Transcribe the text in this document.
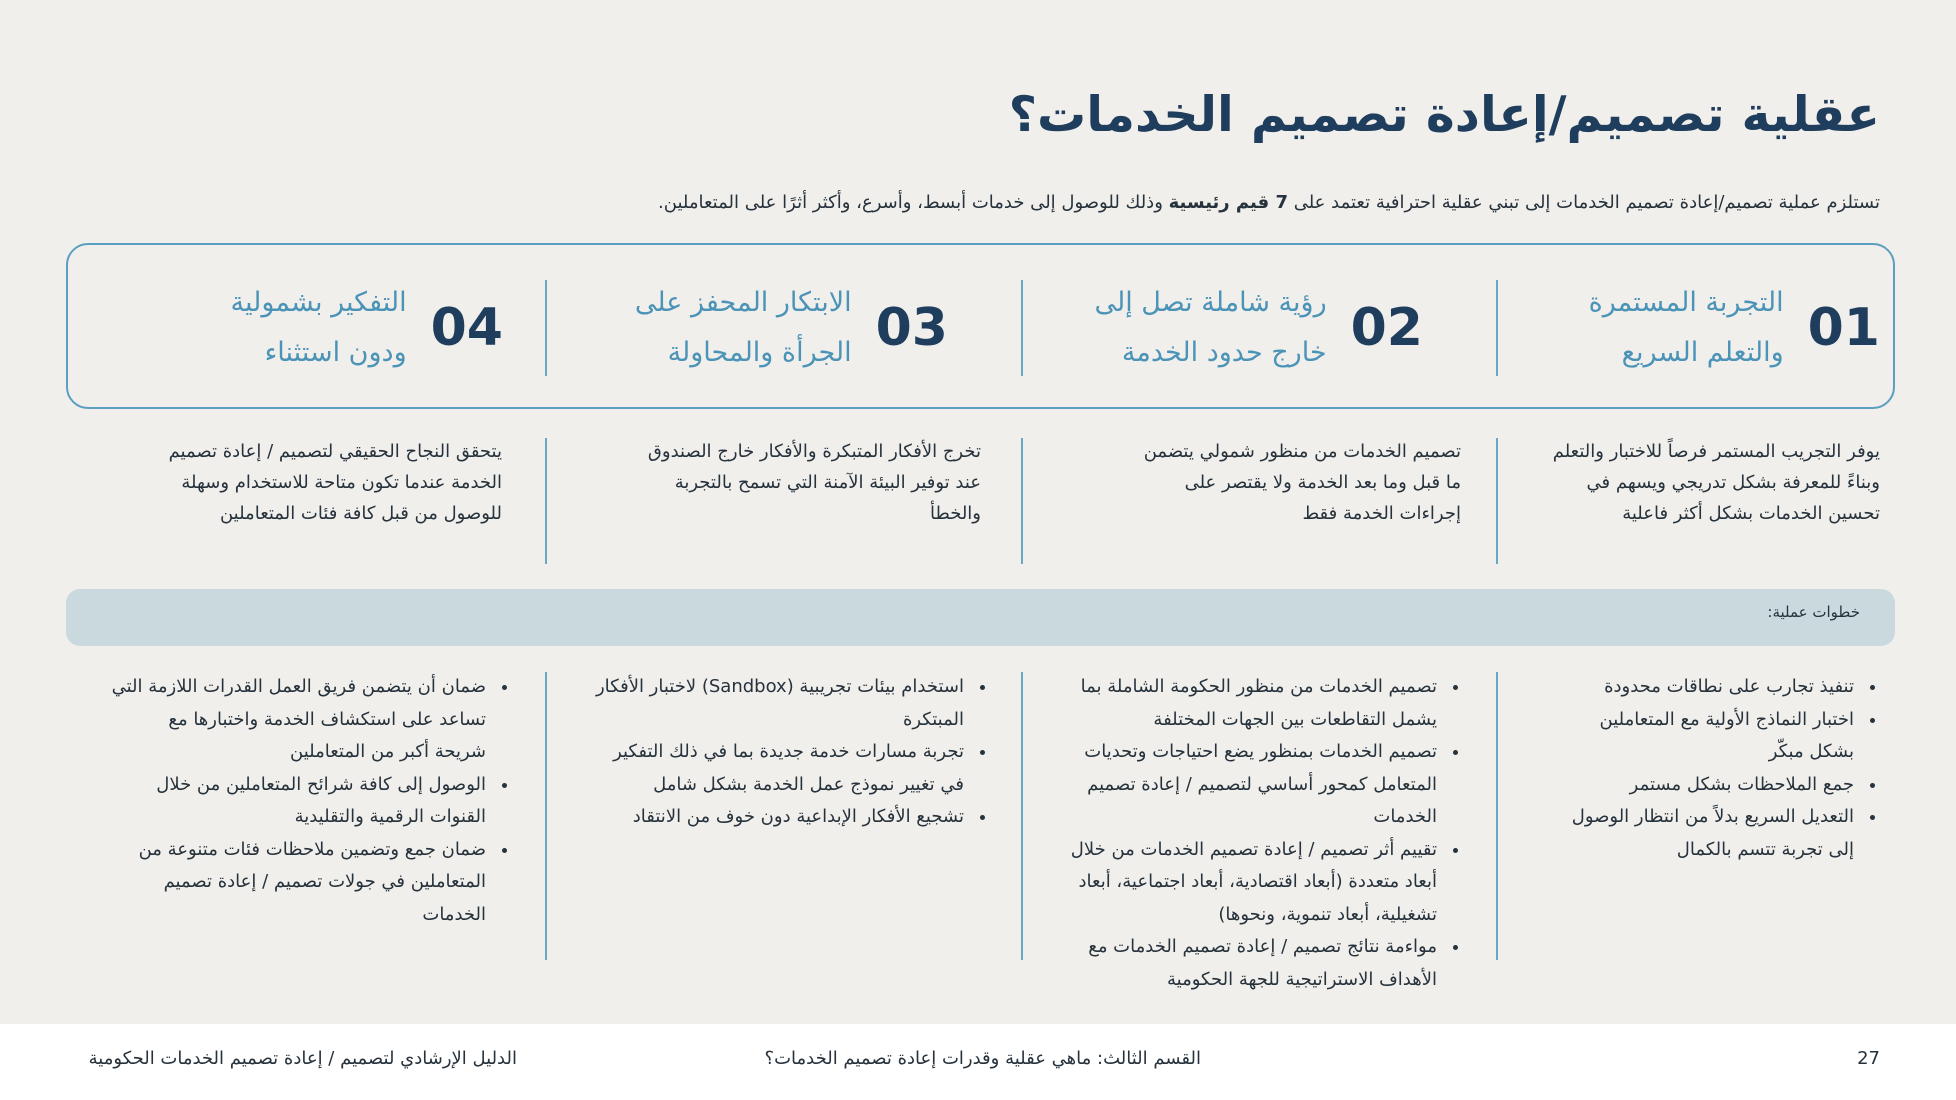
عقلية تصميم/إعادة تصميم الخدمات؟
تستلزم عملية تصميم/إعادة تصميم الخدمات إلى تبني عقلية احترافية تعتمد على 7 قيم رئيسية وذلك للوصول إلى خدمات أبسط، وأسرع، وأكثر أثرًا على المتعاملين.
01
التجربة المستمرة
والتعلم السريع
02
رؤية شاملة تصل إلى
خارج حدود الخدمة
03
الابتكار المحفز على
الجرأة والمحاولة
04
التفكير بشمولية
ودون استثناء
يوفر التجريب المستمر فرصاً للاختبار والتعلم
وبناءً للمعرفة بشكل تدريجي ويسهم في
تحسين الخدمات بشكل أكثر فاعلية
تصميم الخدمات من منظور شمولي يتضمن
ما قبل وما بعد الخدمة ولا يقتصر على
إجراءات الخدمة فقط
تخرج الأفكار المتبكرة والأفكار خارج الصندوق
عند توفير البيئة الآمنة التي تسمح بالتجربة
والخطأ
يتحقق النجاح الحقيقي لتصميم / إعادة تصميم
الخدمة عندما تكون متاحة للاستخدام وسهلة
للوصول من قبل كافة فئات المتعاملين
خطوات عملية:
• تنفيذ تجارب على نطاقات محدودة
• اختبار النماذج الأولية مع المتعاملين
بشكل مبكّر
• جمع الملاحظات بشكل مستمر
• التعديل السريع بدلاً من انتظار الوصول
إلى تجربة تتسم بالكمال
• تصميم الخدمات من منظور الحكومة الشاملة بما
يشمل التقاطعات بين الجهات المختلفة
• تصميم الخدمات بمنظور يضع احتياجات وتحديات
المتعامل كمحور أساسي لتصميم / إعادة تصميم
الخدمات
• تقييم أثر تصميم / إعادة تصميم الخدمات من خلال
أبعاد متعددة (أبعاد اقتصادية، أبعاد اجتماعية، أبعاد
تشغيلية، أبعاد تنموية، ونحوها)
• مواءمة نتائج تصميم / إعادة تصميم الخدمات مع
الأهداف الاستراتيجية للجهة الحكومية
• استخدام بيئات تجريبية (Sandbox) لاختبار الأفكار
المبتكرة
• تجربة مسارات خدمة جديدة بما في ذلك التفكير
في تغيير نموذج عمل الخدمة بشكل شامل
• تشجيع الأفكار الإبداعية دون خوف من الانتقاد
• ضمان أن يتضمن فريق العمل القدرات اللازمة التي
تساعد على استكشاف الخدمة واختبارها مع
شريحة أكبر من المتعاملين
• الوصول إلى كافة شرائح المتعاملين من خلال
القنوات الرقمية والتقليدية
• ضمان جمع وتضمين ملاحظات فئات متنوعة من
المتعاملين في جولات تصميم / إعادة تصميم
الخدمات
27
القسم الثالث: ماهي عقلية وقدرات إعادة تصميم الخدمات؟
الدليل الإرشادي لتصميم / إعادة تصميم الخدمات الحكومية
